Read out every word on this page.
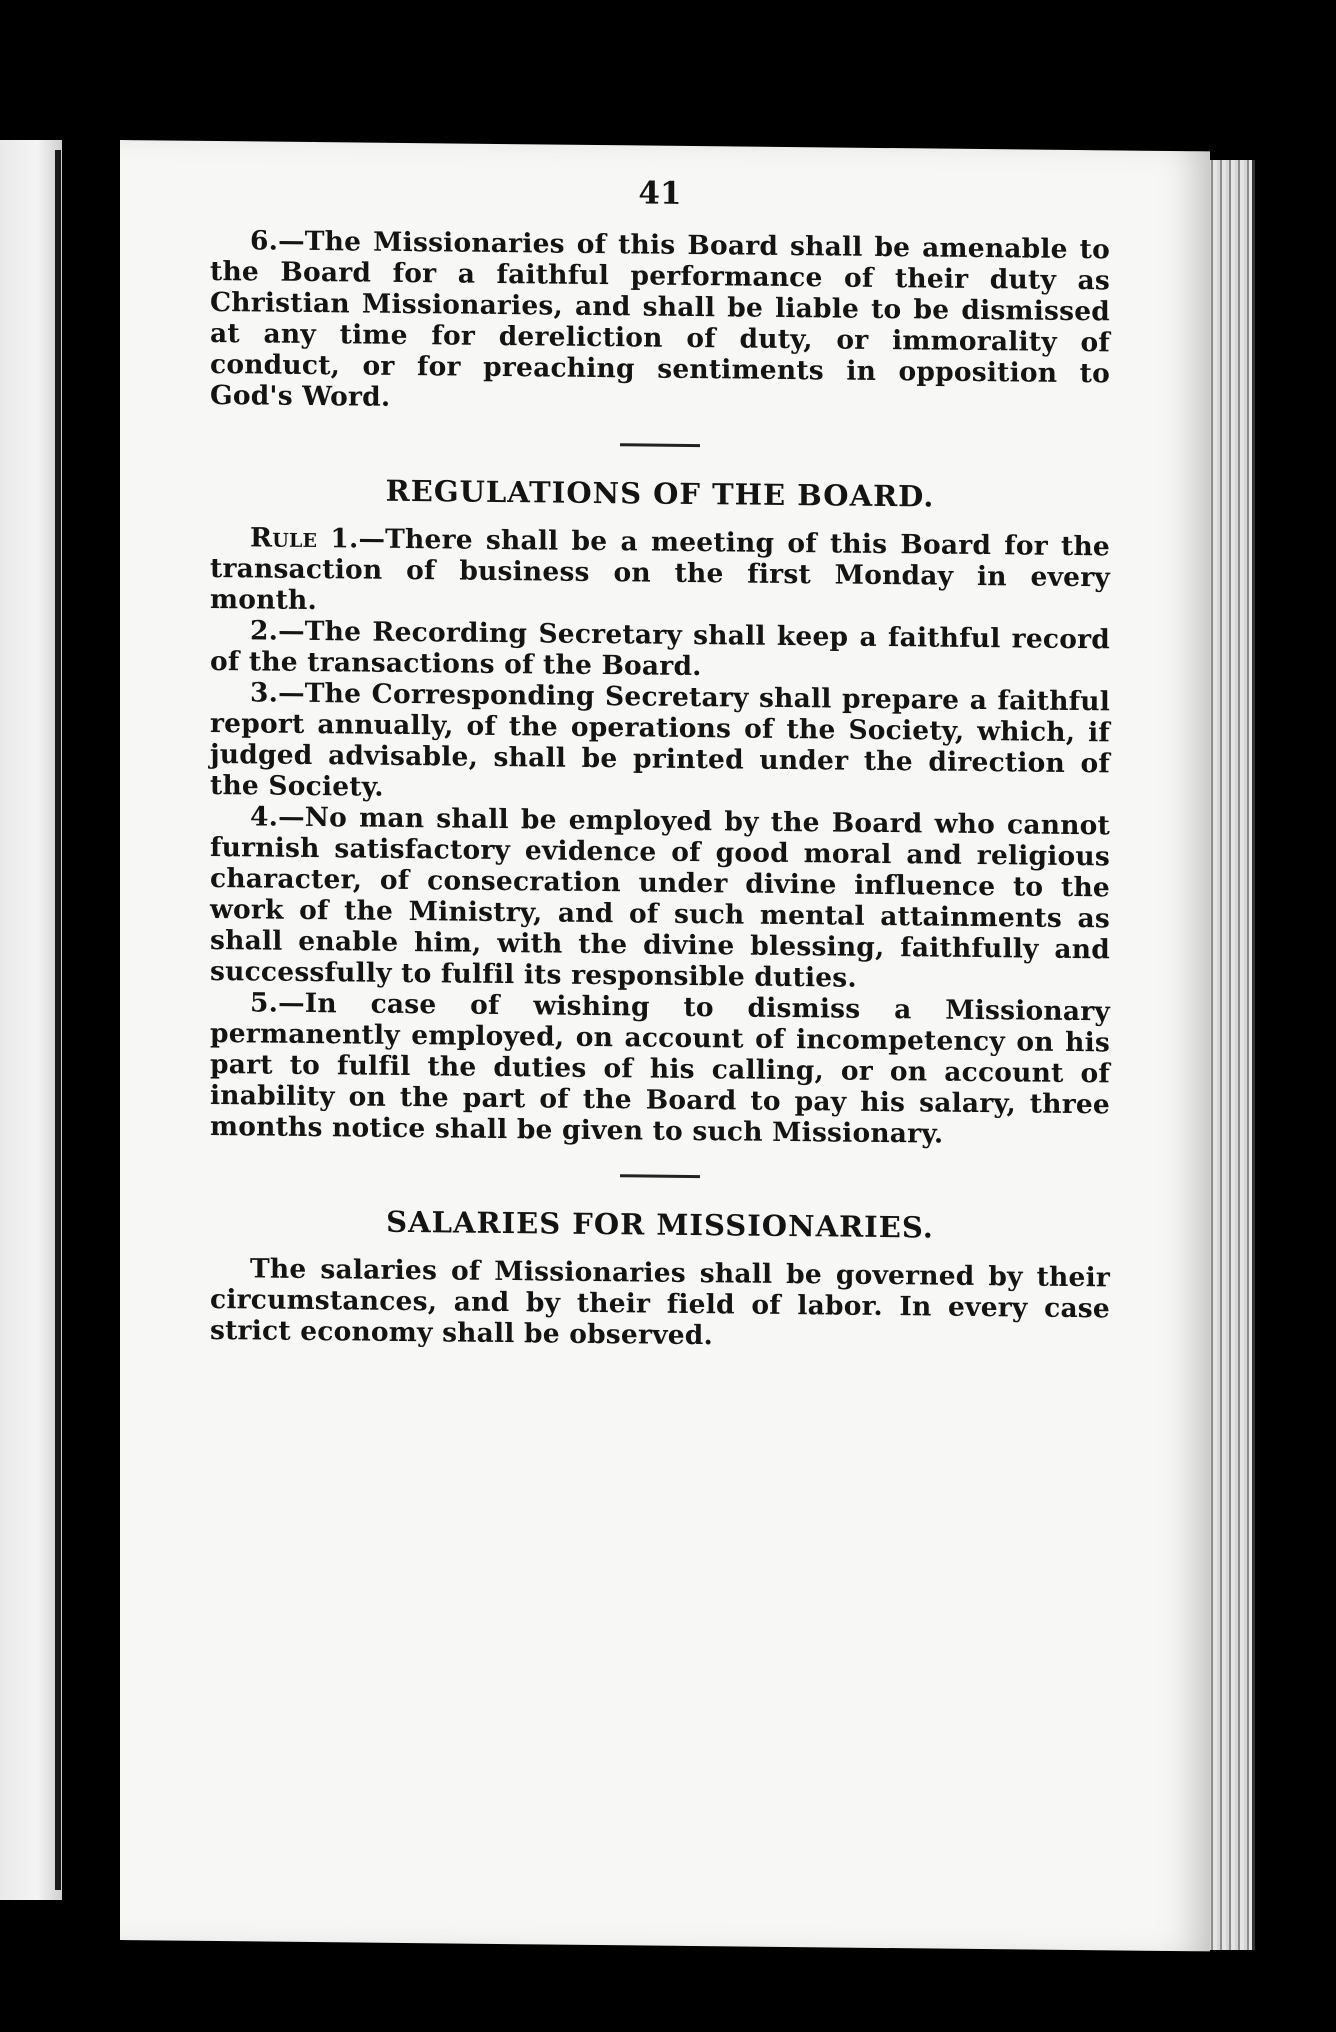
41

6.—The Missionaries of this Board shall be amenable to the Board for a faithful performance of their duty as Christian Missionaries, and shall be liable to be dismissed at any time for dereliction of duty, or immorality of conduct, or for preaching sentiments in opposition to God's Word.

REGULATIONS OF THE BOARD.

Rule 1.—There shall be a meeting of this Board for the transaction of business on the first Monday in every month.

2.—The Recording Secretary shall keep a faithful record of the transactions of the Board.

3.—The Corresponding Secretary shall prepare a faithful report annually, of the operations of the Society, which, if judged advisable, shall be printed under the direction of the Society.

4.—No man shall be employed by the Board who cannot furnish satisfactory evidence of good moral and religious character, of consecration under divine influence to the work of the Ministry, and of such mental attainments as shall enable him, with the divine blessing, faithfully and successfully to fulfil its responsible duties.

5.—In case of wishing to dismiss a Missionary permanently employed, on account of incompetency on his part to fulfil the duties of his calling, or on account of inability on the part of the Board to pay his salary, three months notice shall be given to such Missionary.

SALARIES FOR MISSIONARIES.

The salaries of Missionaries shall be governed by their circumstances, and by their field of labor. In every case strict economy shall be observed.
